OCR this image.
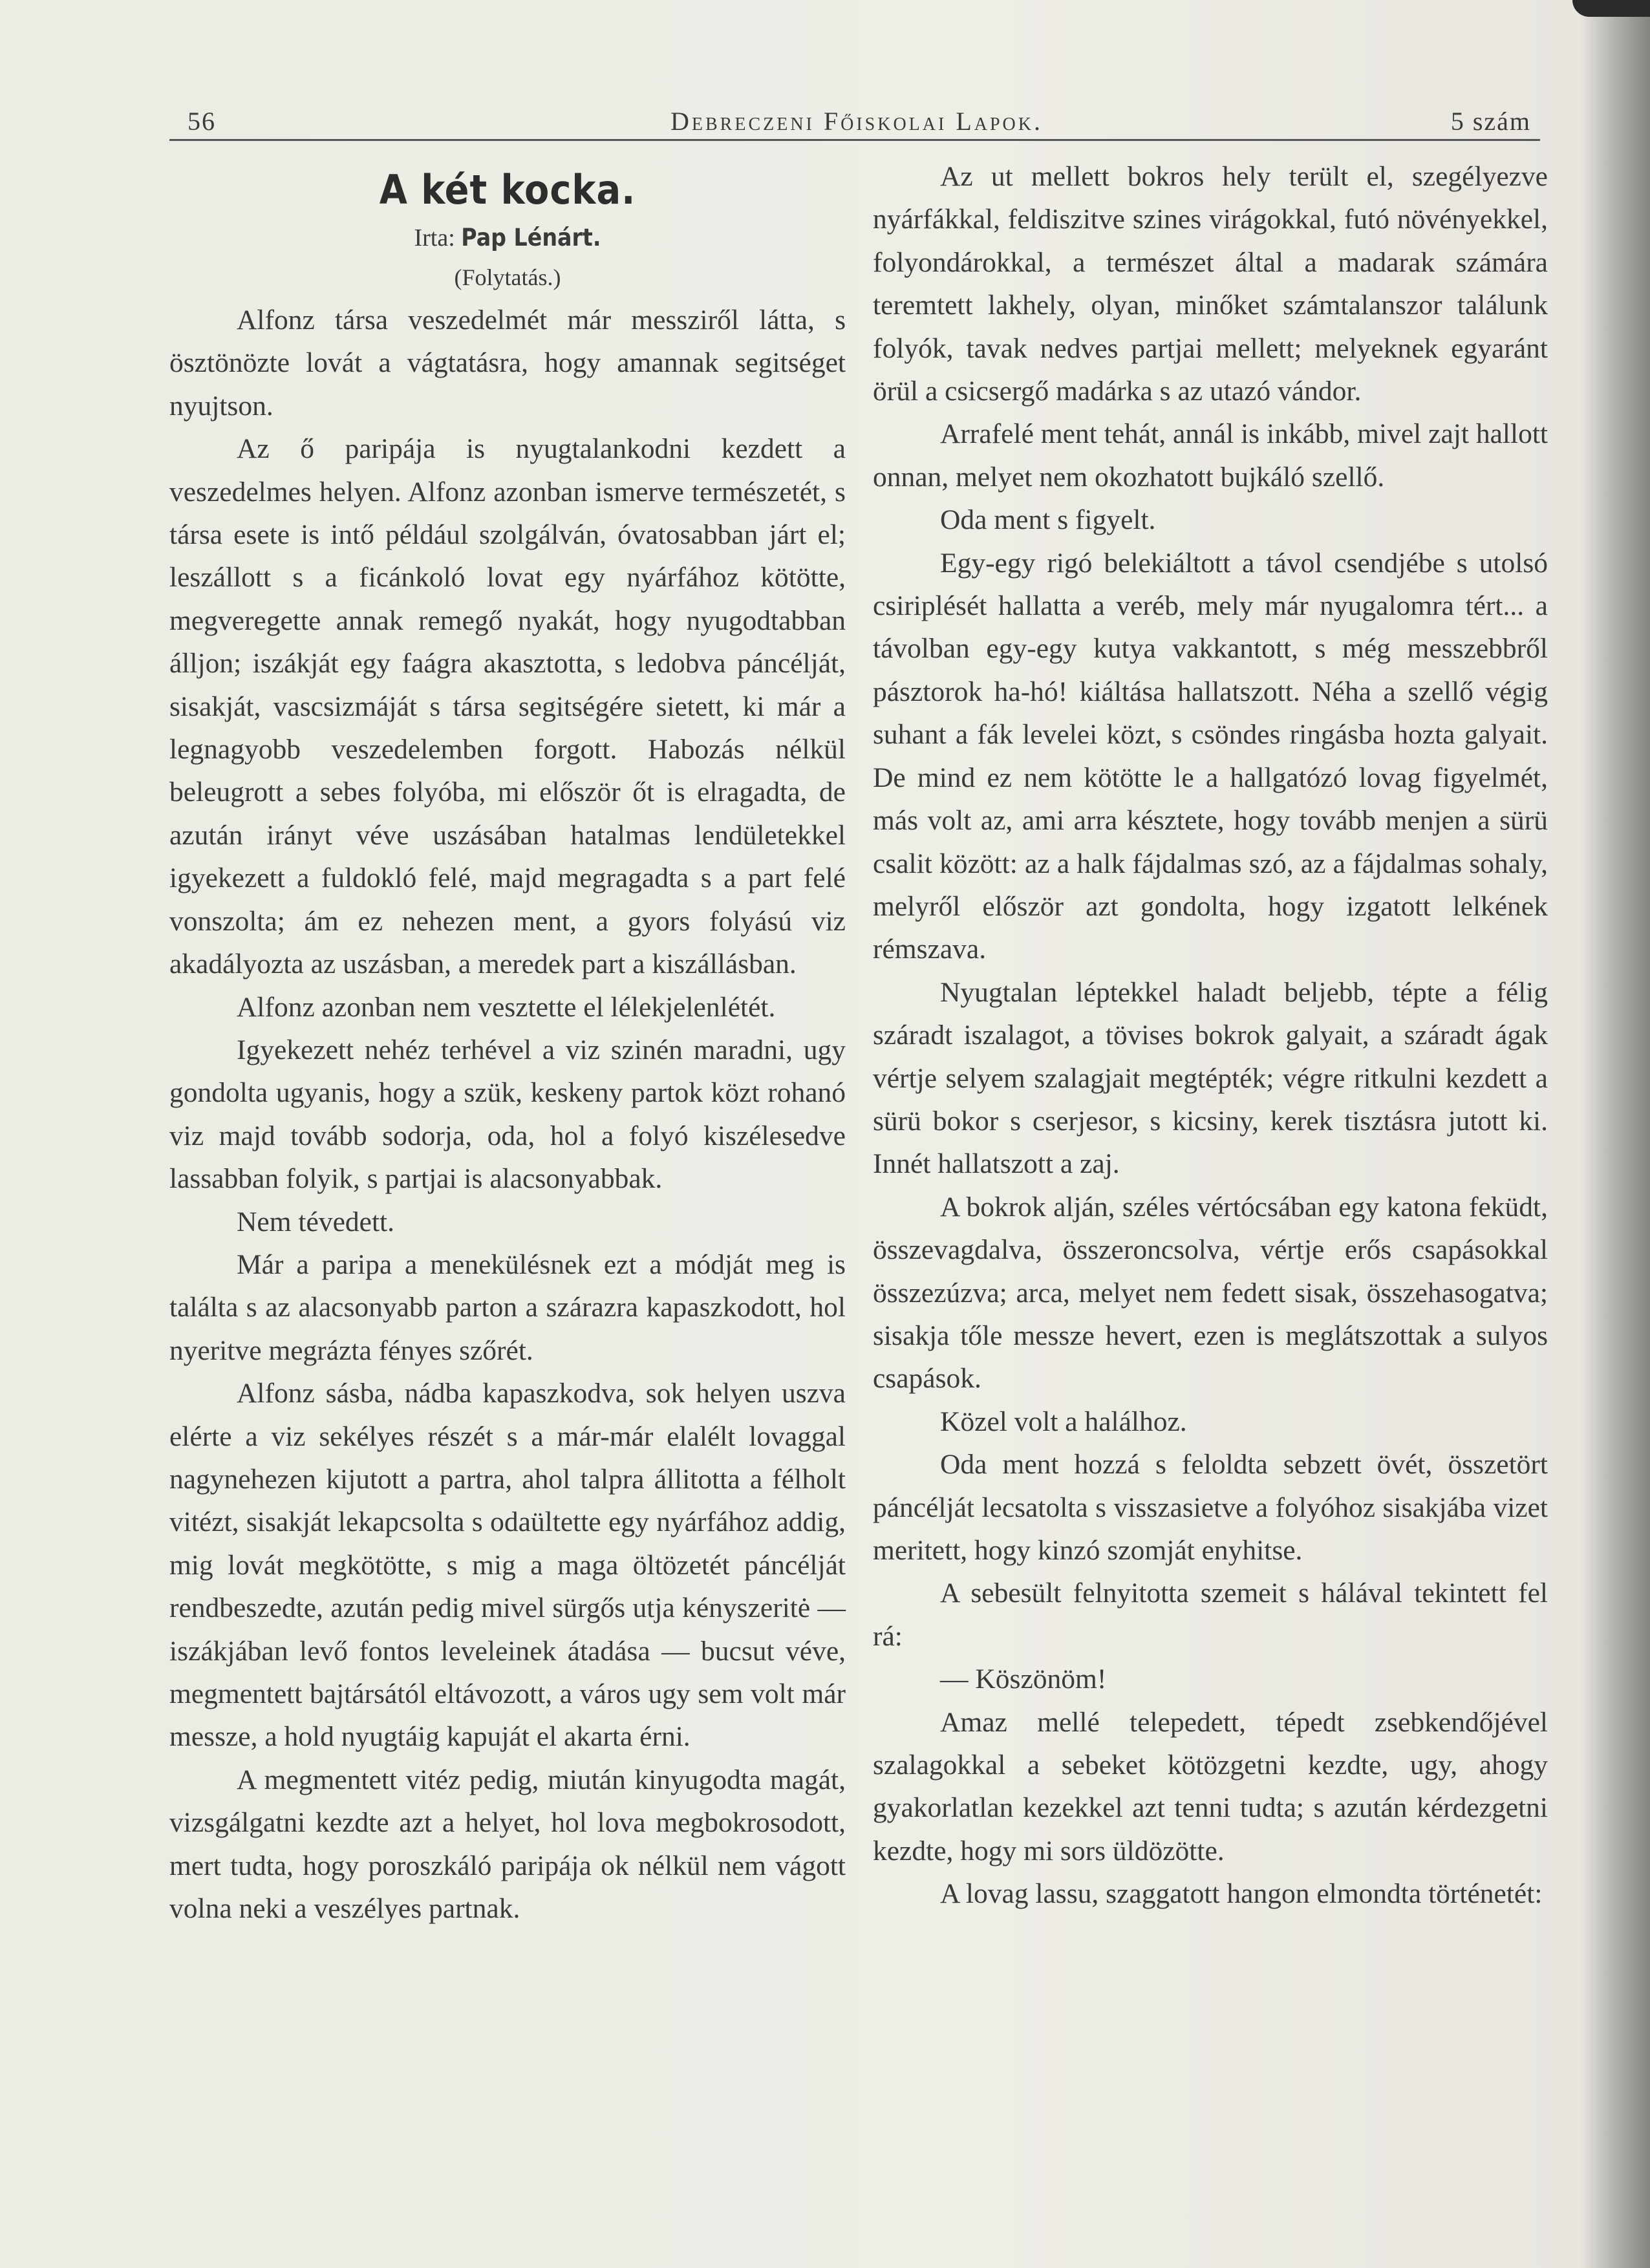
56	Debreczeni Főiskolai Lapok.	5 szám
A két kocka.
Irta: Pap Lénárt.
(Folytatás.)

Alfonz társa veszedelmét már messziről látta, s ösztönözte lovát a vágtatásra, hogy amannak segitséget nyujtson.

Az ő paripája is nyugtalankodni kezdett a veszedelmes helyen. Alfonz azonban ismerve természetét, s társa esete is intő például szolgálván, óvatosabban járt el; leszállott s a ficánkoló lovat egy nyárfához kötötte, megveregette annak remegő nyakát, hogy nyugodtabban álljon; iszákját egy faágra akasztotta, s ledobva páncélját, sisakját, vascsizmáját s társa segitségére sietett, ki már a legnagyobb veszedelemben forgott. Habozás nélkül beleugrott a sebes folyóba, mi először őt is elragadta, de azután irányt véve uszásában hatalmas lendületekkel igyekezett a fuldokló felé, majd megragadta s a part felé vonszolta; ám ez nehezen ment, a gyors folyású viz akadályozta az uszásban, a meredek part a kiszállásban.

Alfonz azonban nem vesztette el lélekjelenlétét.

Igyekezett nehéz terhével a viz szinén maradni, ugy gondolta ugyanis, hogy a szük, keskeny partok közt rohanó viz majd tovább sodorja, oda, hol a folyó kiszélesedve lassabban folyik, s partjai is alacsonyabbak.

Nem tévedett.

Már a paripa a menekülésnek ezt a módját meg is találta s az alacsonyabb parton a szárazra kapaszkodott, hol nyeritve megrázta fényes szőrét.

Alfonz sásba, nádba kapaszkodva, sok helyen uszva elérte a viz sekélyes részét s a már-már elalélt lovaggal nagynehezen kijutott a partra, ahol talpra állitotta a félholt vitézt, sisakját lekapcsolta s odaültette egy nyárfához addig, mig lovát megkötötte, s mig a maga öltözetét páncélját rendbeszedte, azután pedig mivel sürgős utja kényszeritė — iszákjában levő fontos leveleinek átadása — bucsut véve, megmentett bajtársától eltávozott, a város ugy sem volt már messze, a hold nyugtáig kapuját el akarta érni.

A megmentett vitéz pedig, miután kinyugodta magát, vizsgálgatni kezdte azt a helyet, hol lova megbokrosodott, mert tudta, hogy poroszkáló paripája ok nélkül nem vágott volna neki a veszélyes partnak.

Az ut mellett bokros hely terült el, szegélyezve nyárfákkal, feldiszitve szines virágokkal, futó növényekkel, folyondárokkal, a természet által a madarak számára teremtett lakhely, olyan, minőket számtalanszor találunk folyók, tavak nedves partjai mellett; melyeknek egyaránt örül a csicsergő madárka s az utazó vándor.

Arrafelé ment tehát, annál is inkább, mivel zajt hallott onnan, melyet nem okozhatott bujkáló szellő.

Oda ment s figyelt.

Egy-egy rigó belekiáltott a távol csendjébe s utolsó csiriplését hallatta a veréb, mely már nyugalomra tért... a távolban egy-egy kutya vakkantott, s még messzebbről pásztorok ha-hó! kiáltása hallatszott. Néha a szellő végig suhant a fák levelei közt, s csöndes ringásba hozta galyait. De mind ez nem kötötte le a hallgatózó lovag figyelmét, más volt az, ami arra késztete, hogy tovább menjen a sürü csalit között: az a halk fájdalmas szó, az a fájdalmas sohaly, melyről először azt gondolta, hogy izgatott lelkének rémszava.

Nyugtalan léptekkel haladt beljebb, tépte a félig száradt iszalagot, a tövises bokrok galyait, a száradt ágak vértje selyem szalagjait megtépték; végre ritkulni kezdett a sürü bokor s cserjesor, s kicsiny, kerek tisztásra jutott ki. Innét hallatszott a zaj.

A bokrok alján, széles vértócsában egy katona feküdt, összevagdalva, összeroncsolva, vértje erős csapásokkal összezúzva; arca, melyet nem fedett sisak, összehasogatva; sisakja tőle messze hevert, ezen is meglátszottak a sulyos csapások.

Közel volt a halálhoz.

Oda ment hozzá s feloldta sebzett övét, összetört páncélját lecsatolta s visszasietve a folyóhoz sisakjába vizet meritett, hogy kinzó szomját enyhitse.

A sebesült felnyitotta szemeit s hálával tekintett fel rá:

— Köszönöm!

Amaz mellé telepedett, tépedt zsebkendőjével szalagokkal a sebeket kötözgetni kezdte, ugy, ahogy gyakorlatlan kezekkel azt tenni tudta; s azután kérdezgetni kezdte, hogy mi sors üldözötte.

A lovag lassu, szaggatott hangon elmondta történetét:
